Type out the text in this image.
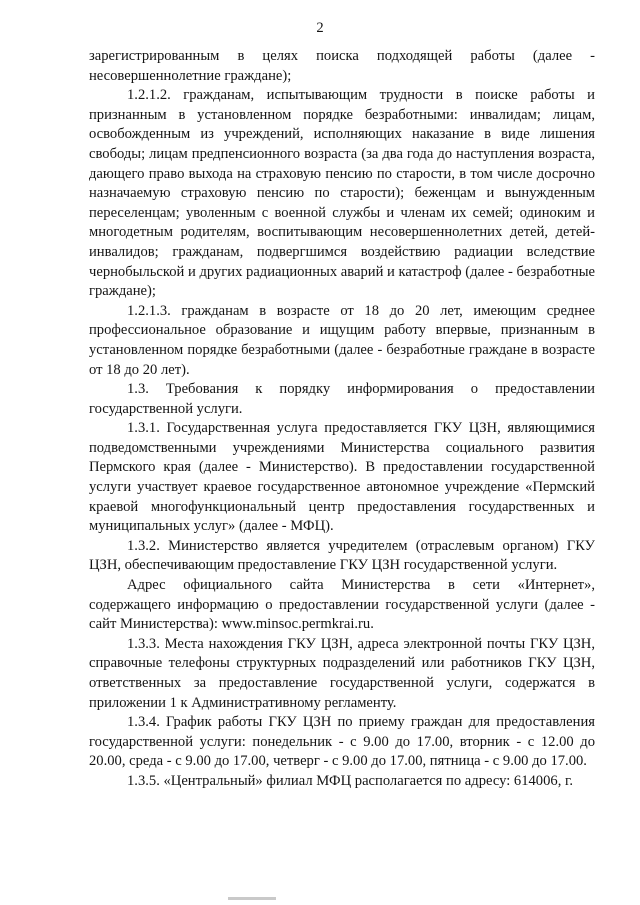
2

зарегистрированным в целях поиска подходящей работы (далее - несовершеннолетние граждане);

1.2.1.2. гражданам, испытывающим трудности в поиске работы и признанным в установленном порядке безработными: инвалидам; лицам, освобожденным из учреждений, исполняющих наказание в виде лишения свободы; лицам предпенсионного возраста (за два года до наступления возраста, дающего право выхода на страховую пенсию по старости, в том числе досрочно назначаемую страховую пенсию по старости); беженцам и вынужденным переселенцам; уволенным с военной службы и членам их семей; одиноким и многодетным родителям, воспитывающим несовершеннолетних детей, детей-инвалидов; гражданам, подвергшимся воздействию радиации вследствие чернобыльской и других радиационных аварий и катастроф (далее - безработные граждане);

1.2.1.3. гражданам в возрасте от 18 до 20 лет, имеющим среднее профессиональное образование и ищущим работу впервые, признанным в установленном порядке безработными (далее - безработные граждане в возрасте от 18 до 20 лет).

1.3. Требования к порядку информирования о предоставлении государственной услуги.

1.3.1. Государственная услуга предоставляется ГКУ ЦЗН, являющимися подведомственными учреждениями Министерства социального развития Пермского края (далее - Министерство). В предоставлении государственной услуги участвует краевое государственное автономное учреждение «Пермский краевой многофункциональный центр предоставления государственных и муниципальных услуг» (далее - МФЦ).

1.3.2. Министерство является учредителем (отраслевым органом) ГКУ ЦЗН, обеспечивающим предоставление ГКУ ЦЗН государственной услуги.

Адрес официального сайта Министерства в сети «Интернет», содержащего информацию о предоставлении государственной услуги (далее - сайт Министерства): www.minsoc.permkrai.ru.

1.3.3. Места нахождения ГКУ ЦЗН, адреса электронной почты ГКУ ЦЗН, справочные телефоны структурных подразделений или работников ГКУ ЦЗН, ответственных за предоставление государственной услуги, содержатся в приложении 1 к Административному регламенту.

1.3.4. График работы ГКУ ЦЗН по приему граждан для предоставления государственной услуги: понедельник - с 9.00 до 17.00, вторник - с 12.00 до 20.00, среда - с 9.00 до 17.00, четверг - с 9.00 до 17.00, пятница - с 9.00 до 17.00.

1.3.5. «Центральный» филиал МФЦ располагается по адресу: 614006, г.
